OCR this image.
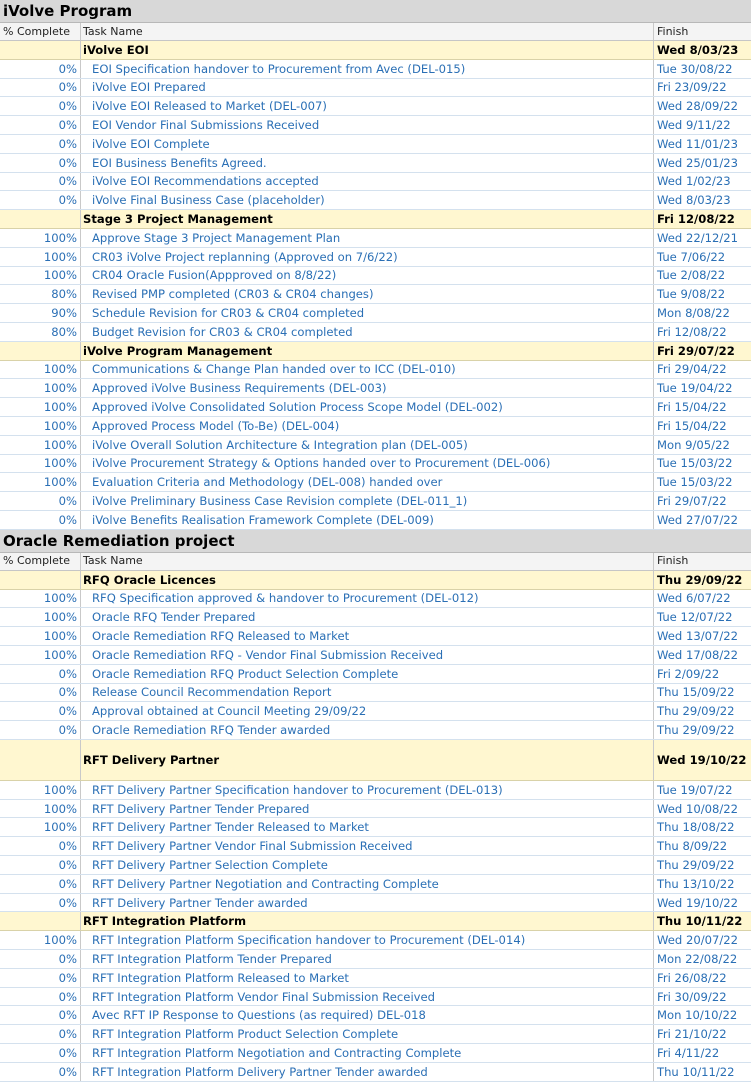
iVolve Program
% Complete	Task Name	Finish
iVolve EOI	Wed 8/03/23
0%	EOI Specification handover to Procurement from Avec (DEL-015)	Tue 30/08/22
0%	iVolve EOI Prepared	Fri 23/09/22
0%	iVolve EOI Released to Market (DEL-007)	Wed 28/09/22
0%	EOI Vendor Final Submissions Received	Wed 9/11/22
0%	iVolve EOI Complete	Wed 11/01/23
0%	EOI Business Benefits Agreed.	Wed 25/01/23
0%	iVolve EOI Recommendations accepted	Wed 1/02/23
0%	iVolve Final Business Case (placeholder)	Wed 8/03/23
Stage 3 Project Management	Fri 12/08/22
100%	Approve Stage 3 Project Management Plan	Wed 22/12/21
100%	CR03 iVolve Project replanning (Approved on 7/6/22)	Tue 7/06/22
100%	CR04 Oracle Fusion(Appproved on 8/8/22)	Tue 2/08/22
80%	Revised PMP completed (CR03 & CR04 changes)	Tue 9/08/22
90%	Schedule Revision for CR03 & CR04 completed	Mon 8/08/22
80%	Budget Revision for CR03 & CR04 completed	Fri 12/08/22
iVolve Program Management	Fri 29/07/22
100%	Communications & Change Plan handed over to ICC (DEL-010)	Fri 29/04/22
100%	Approved iVolve Business Requirements (DEL-003)	Tue 19/04/22
100%	Approved iVolve Consolidated Solution Process Scope Model (DEL-002)	Fri 15/04/22
100%	Approved Process Model (To-Be) (DEL-004)	Fri 15/04/22
100%	iVolve Overall Solution Architecture & Integration plan (DEL-005)	Mon 9/05/22
100%	iVolve Procurement Strategy & Options handed over to Procurement (DEL-006)	Tue 15/03/22
100%	Evaluation Criteria and Methodology (DEL-008) handed over	Tue 15/03/22
0%	iVolve Preliminary Business Case Revision complete (DEL-011_1)	Fri 29/07/22
0%	iVolve Benefits Realisation Framework Complete (DEL-009)	Wed 27/07/22
Oracle Remediation project
% Complete	Task Name	Finish
RFQ Oracle Licences	Thu 29/09/22
100%	RFQ Specification approved & handover to Procurement (DEL-012)	Wed 6/07/22
100%	Oracle RFQ Tender Prepared	Tue 12/07/22
100%	Oracle Remediation RFQ Released to Market	Wed 13/07/22
100%	Oracle Remediation RFQ - Vendor Final Submission Received	Wed 17/08/22
0%	Oracle Remediation RFQ Product Selection Complete	Fri 2/09/22
0%	Release Council Recommendation Report	Thu 15/09/22
0%	Approval obtained at Council Meeting 29/09/22	Thu 29/09/22
0%	Oracle Remediation RFQ Tender awarded	Thu 29/09/22
RFT Delivery Partner	Wed 19/10/22
100%	RFT Delivery Partner Specification handover to Procurement (DEL-013)	Tue 19/07/22
100%	RFT Delivery Partner Tender Prepared	Wed 10/08/22
100%	RFT Delivery Partner Tender Released to Market	Thu 18/08/22
0%	RFT Delivery Partner Vendor Final Submission Received	Thu 8/09/22
0%	RFT Delivery Partner Selection Complete	Thu 29/09/22
0%	RFT Delivery Partner Negotiation and Contracting Complete	Thu 13/10/22
0%	RFT Delivery Partner Tender awarded	Wed 19/10/22
RFT Integration Platform	Thu 10/11/22
100%	RFT Integration Platform Specification handover to Procurement (DEL-014)	Wed 20/07/22
0%	RFT Integration Platform Tender Prepared	Mon 22/08/22
0%	RFT Integration Platform Released to Market	Fri 26/08/22
0%	RFT Integration Platform Vendor Final Submission Received	Fri 30/09/22
0%	Avec RFT IP Response to Questions (as required) DEL-018	Mon 10/10/22
0%	RFT Integration Platform Product Selection Complete	Fri 21/10/22
0%	RFT Integration Platform Negotiation and Contracting Complete	Fri 4/11/22
0%	RFT Integration Platform Delivery Partner Tender awarded	Thu 10/11/22
